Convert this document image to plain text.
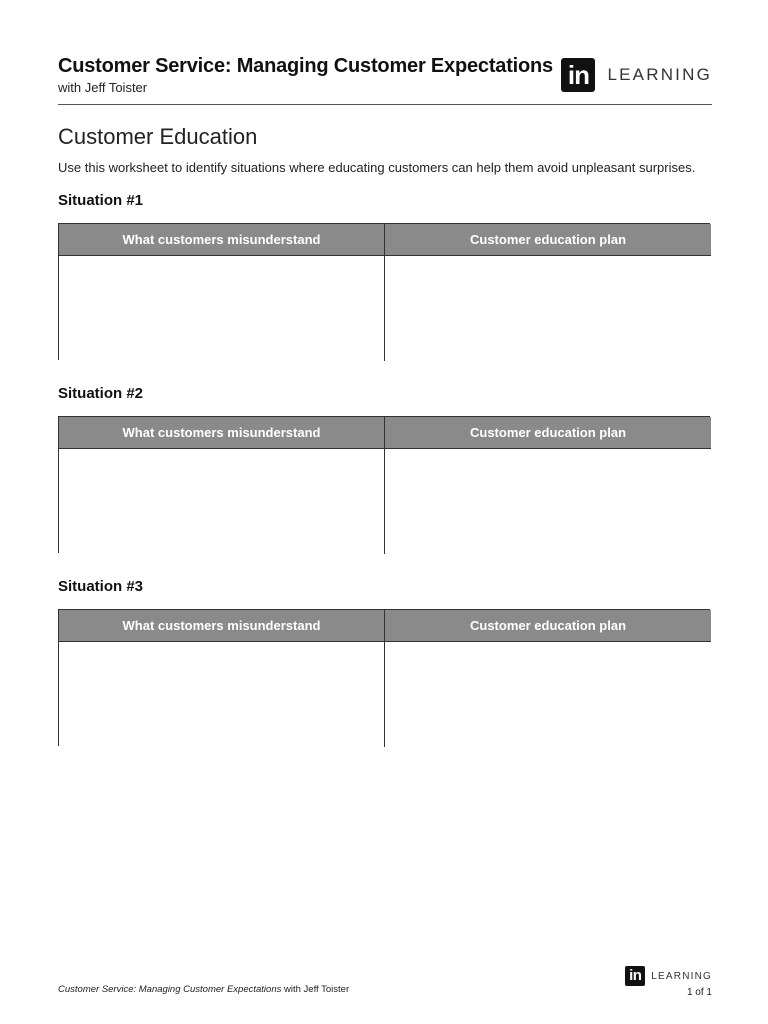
Customer Service: Managing Customer Expectations
with Jeff Toister	in	LEARNING
Customer Education
Use this worksheet to identify situations where educating customers can help them avoid unpleasant surprises.
Situation #1
What customers misunderstand	Customer education plan
Situation #2
What customers misunderstand	Customer education plan
Situation #3
What customers misunderstand	Customer education plan
Customer Service: Managing Customer Expectations with Jeff Toister
in LEARNING
1 of 1
